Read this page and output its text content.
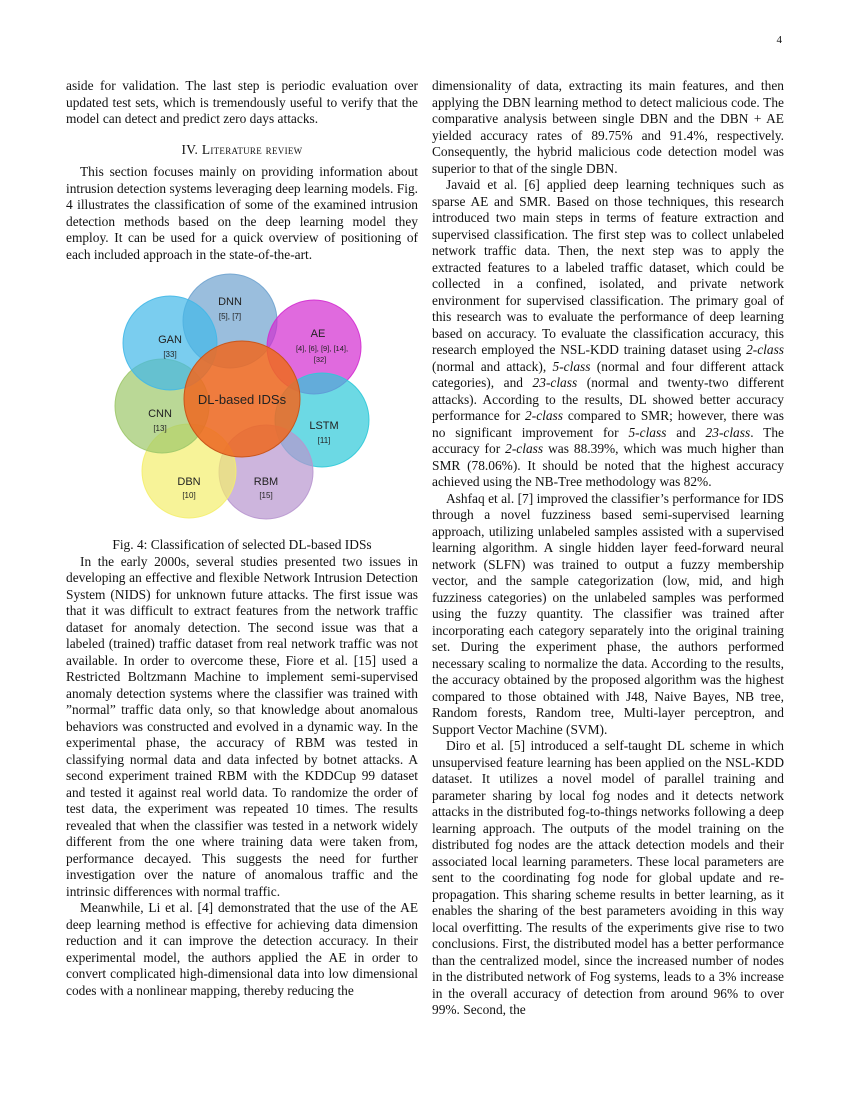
4

aside for validation. The last step is periodic evaluation over updated test sets, which is tremendously useful to verify that the model can detect and predict zero days attacks.

IV. Literature review

This section focuses mainly on providing information about intrusion detection systems leveraging deep learning models. Fig. 4 illustrates the classification of some of the examined intrusion detection methods based on the deep learning model they employ. It can be used for a quick overview of positioning of each included approach in the state-of-the-art.

DNN
[5], [7]
AE
[4], [6], [9], [14],
[32]
LSTM
[11]
RBM
[15]
DBN
[10]
CNN
[13]
GAN
[33]
DL-based IDSs

Fig. 4: Classification of selected DL-based IDSs

In the early 2000s, several studies presented two issues in developing an effective and flexible Network Intrusion Detection System (NIDS) for unknown future attacks. The first issue was that it was difficult to extract features from the network traffic dataset for anomaly detection. The second issue was that a labeled (trained) traffic dataset from real network traffic was not available. In order to overcome these, Fiore et al. [15] used a Restricted Boltzmann Machine to implement semi-supervised anomaly detection systems where the classifier was trained with ”normal” traffic data only, so that knowledge about anomalous behaviors was constructed and evolved in a dynamic way. In the experimental phase, the accuracy of RBM was tested in classifying normal data and data infected by botnet attacks. A second experiment trained RBM with the KDDCup 99 dataset and tested it against real world data. To randomize the order of test data, the experiment was repeated 10 times. The results revealed that when the classifier was tested in a network widely different from the one where training data were taken from, performance decayed. This suggests the need for further investigation over the nature of anomalous traffic and the intrinsic differences with normal traffic.

Meanwhile, Li et al. [4] demonstrated that the use of the AE deep learning method is effective for achieving data dimension reduction and it can improve the detection accuracy. In their experimental model, the authors applied the AE in order to convert complicated high-dimensional data into low dimensional codes with a nonlinear mapping, thereby reducing the

dimensionality of data, extracting its main features, and then applying the DBN learning method to detect malicious code. The comparative analysis between single DBN and the DBN + AE yielded accuracy rates of 89.75% and 91.4%, respectively. Consequently, the hybrid malicious code detection model was superior to that of the single DBN.

Javaid et al. [6] applied deep learning techniques such as sparse AE and SMR. Based on those techniques, this research introduced two main steps in terms of feature extraction and supervised classification. The first step was to collect unlabeled network traffic data. Then, the next step was to apply the extracted features to a labeled traffic dataset, which could be collected in a confined, isolated, and private network environment for supervised classification. The primary goal of this research was to evaluate the performance of deep learning based on accuracy. To evaluate the classification accuracy, this research employed the NSL-KDD training dataset using 2-class (normal and attack), 5-class (normal and four different attack categories), and 23-class (normal and twenty-two different attacks). According to the results, DL showed better accuracy performance for 2-class compared to SMR; however, there was no significant improvement for 5-class and 23-class. The accuracy for 2-class was 88.39%, which was much higher than SMR (78.06%). It should be noted that the highest accuracy achieved using the NB-Tree methodology was 82%.

Ashfaq et al. [7] improved the classifier’s performance for IDS through a novel fuzziness based semi-supervised learning approach, utilizing unlabeled samples assisted with a supervised learning algorithm. A single hidden layer feed-forward neural network (SLFN) was trained to output a fuzzy membership vector, and the sample categorization (low, mid, and high fuzziness categories) on the unlabeled samples was performed using the fuzzy quantity. The classifier was trained after incorporating each category separately into the original training set. During the experiment phase, the authors performed necessary scaling to normalize the data. According to the results, the accuracy obtained by the proposed algorithm was the highest compared to those obtained with J48, Naive Bayes, NB tree, Random forests, Random tree, Multi-layer perceptron, and Support Vector Machine (SVM).

Diro et al. [5] introduced a self-taught DL scheme in which unsupervised feature learning has been applied on the NSL-KDD dataset. It utilizes a novel model of parallel training and parameter sharing by local fog nodes and it detects network attacks in the distributed fog-to-things networks following a deep learning approach. The outputs of the model training on the distributed fog nodes are the attack detection models and their associated local learning parameters. These local parameters are sent to the coordinating fog node for global update and re-propagation. This sharing scheme results in better learning, as it enables the sharing of the best parameters avoiding in this way local overfitting. The results of the experiments give rise to two conclusions. First, the distributed model has a better performance than the centralized model, since the increased number of nodes in the distributed network of Fog systems, leads to a 3% increase in the overall accuracy of detection from around 96% to over 99%. Second, the
